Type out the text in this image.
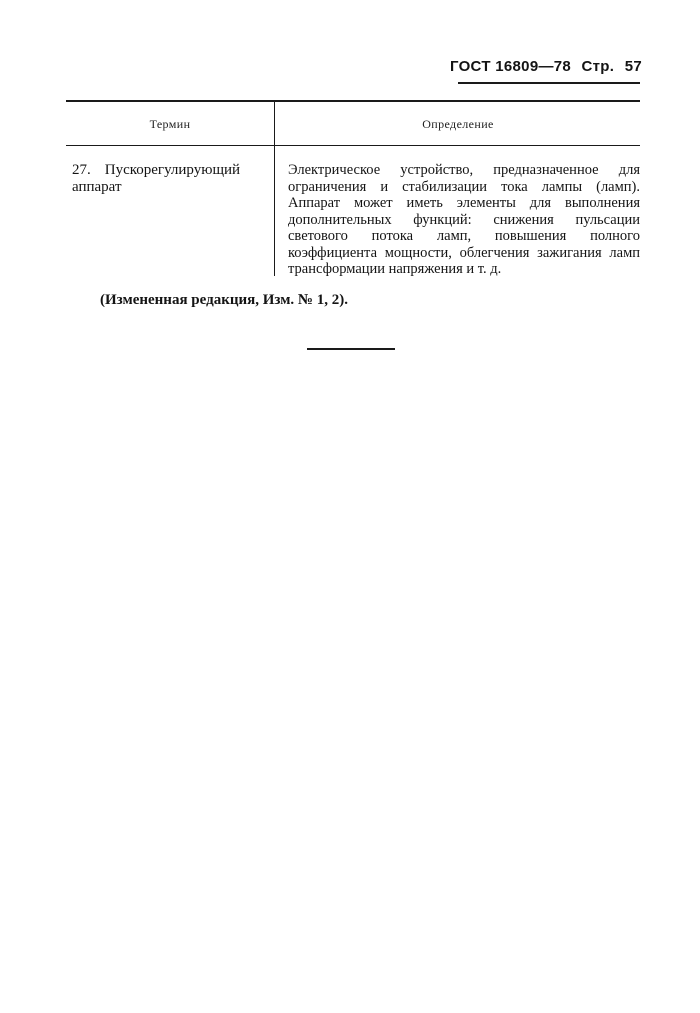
ГОСТ 16809—78 Стр. 57
Термин	Определение
27. Пускорегулирующий аппарат
Электрическое устройство, предназначенное для ограничения и стабилизации тока лампы (ламп). Аппарат может иметь элементы для выполнения дополнительных функций: снижения пульсации светового потока ламп, повышения полного коэффициента мощности, облегчения зажигания ламп трансформации напряжения и т. д.
(Измененная редакция, Изм. № 1, 2).
